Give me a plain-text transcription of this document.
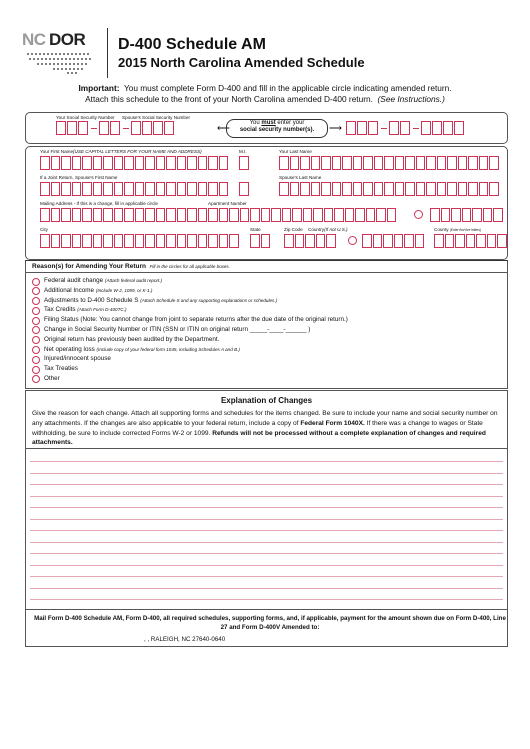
NC DOR D-400 Schedule AM
2015 North Carolina Amended Schedule
Important: You must complete Form D-400 and fill in the applicable circle indicating amended return.
Attach this schedule to the front of your North Carolina amended D-400 return. (See Instructions.)
Your Social Security Number Spouse's Social Security Number
⟵	You must enter your
social security number(s).	⟶
Your First Name(USE CAPITAL LETTERS FOR YOUR NAME AND ADDRESS)	M.I.	Your Last Name
If a Joint Return, Spouse's First Name	Spouse's Last Name
Mailing Address - If this is a change, fill in applicable circle	Apartment Number
City	State	Zip Code Country(If not U.S.)	County (Enter first five letters)
Reason(s) for Amending Your Return Fill in the circles for all applicable boxes.
Federal audit change (Attach federal audit report.)
Additional Income (Include W-2, 1099, or K-1.)
Adjustments to D-400 Schedule S (Attach Schedule S and any supporting explanations or schedules.)
Tax Credits (Attach Form D-400TC.)
Filing Status (Note: You cannot change from joint to separate returns after the due date of the original return.)
Change in Social Security Number or ITIN (SSN or ITIN on original return _____-____-______ )
Original return has previously been audited by the Department.
Net operating loss (Include copy of your federal form 1045, including Schedules A and B.)
Injured/innocent spouse
Tax Treaties
Other
Explanation of Changes
Give the reason for each change. Attach all supporting forms and schedules for the items changed. Be sure to include your name and social security number on any attachments. If the changes are also applicable to your federal return, include a copy of Federal Form 1040X. If there was a change to wages or State withholding, be sure to include corrected Forms W-2 or 1099. Refunds will not be processed without a complete explanation of changes and required attachments.
Mail Form D-400 Schedule AM, Form D-400, all required schedules, supporting forms, and, if applicable, payment for the amount shown due on Form D-400, Line 27 and Form D-400V Amended to:
, , RALEIGH, NC 27640-0640
